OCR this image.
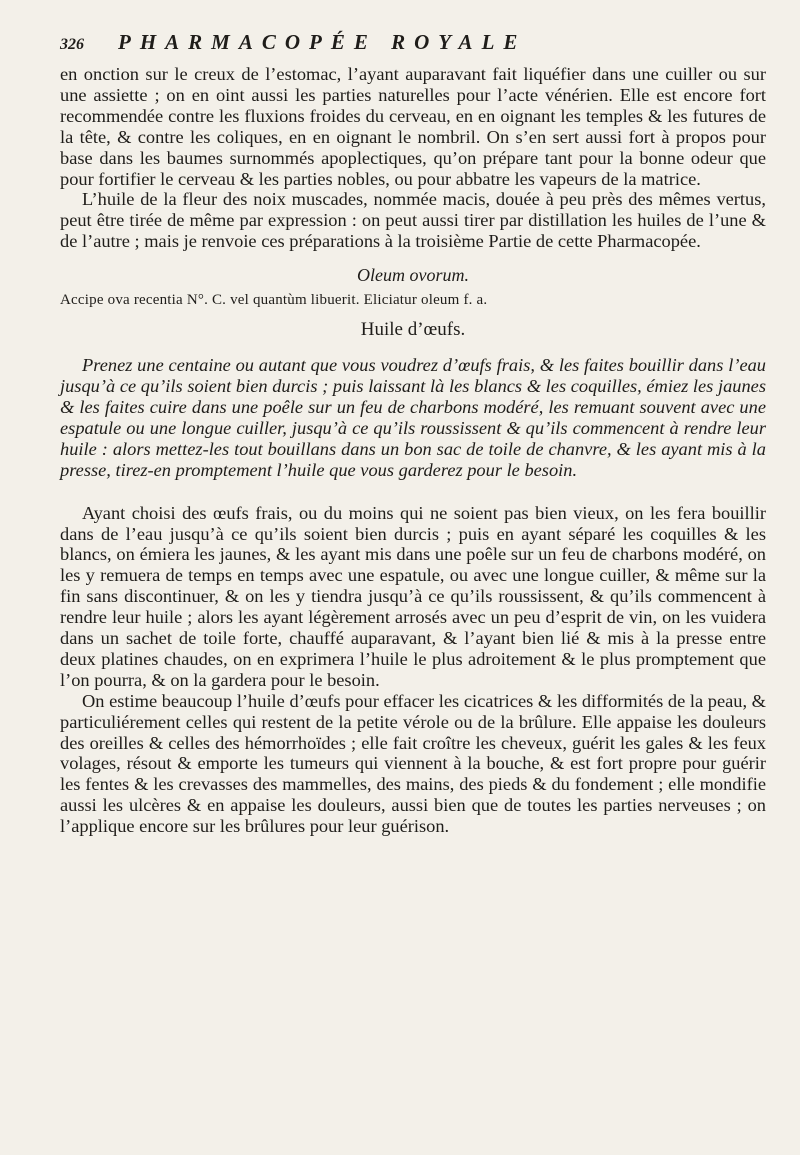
326	PHARMACOPÉE ROYALE

en onction sur le creux de l’estomac, l’ayant auparavant fait liquéfier dans une cuiller ou sur une assiette ; on en oint aussi les parties naturelles pour l’acte vénérien. Elle est encore fort recommendée contre les fluxions froides du cerveau, en en oignant les temples & les futures de la tête, & contre les coliques, en en oignant le nombril. On s’en sert aussi fort à propos pour base dans les baumes surnommés apoplectiques, qu’on prépare tant pour la bonne odeur que pour fortifier le cerveau & les parties nobles, ou pour abbatre les vapeurs de la matrice.

L’huile de la fleur des noix muscades, nommée macis, douée à peu près des mêmes vertus, peut être tirée de même par expression : on peut aussi tirer par distillation les huiles de l’une & de l’autre ; mais je renvoie ces préparations à la troisième Partie de cette Pharmacopée.

Oleum ovorum.
Accipe ova recentia N°. C. vel quantùm libuerit. Eliciatur oleum f. a.
Huile d’œufs.

Prenez une centaine ou autant que vous voudrez d’œufs frais, & les faites bouillir dans l’eau jusqu’à ce qu’ils soient bien durcis ; puis laissant là les blancs & les coquilles, émiez les jaunes & les faites cuire dans une poêle sur un feu de charbons modéré, les remuant souvent avec une espatule ou une longue cuiller, jusqu’à ce qu’ils roussissent & qu’ils commencent à rendre leur huile : alors mettez-les tout bouillans dans un bon sac de toile de chanvre, & les ayant mis à la presse, tirez-en promptement l’huile que vous garderez pour le besoin.

Ayant choisi des œufs frais, ou du moins qui ne soient pas bien vieux, on les fera bouillir dans de l’eau jusqu’à ce qu’ils soient bien durcis ; puis en ayant séparé les coquilles & les blancs, on émiera les jaunes, & les ayant mis dans une poêle sur un feu de charbons modéré, on les y remuera de temps en temps avec une espatule, ou avec une longue cuiller, & même sur la fin sans discontinuer, & on les y tiendra jusqu’à ce qu’ils roussissent, & qu’ils commencent à rendre leur huile ; alors les ayant légèrement arrosés avec un peu d’esprit de vin, on les vuidera dans un sachet de toile forte, chauffé auparavant, & l’ayant bien lié & mis à la presse entre deux platines chaudes, on en exprimera l’huile le plus adroitement & le plus promptement que l’on pourra, & on la gardera pour le besoin.

On estime beaucoup l’huile d’œufs pour effacer les cicatrices & les difformités de la peau, & particuliérement celles qui restent de la petite vérole ou de la brûlure. Elle appaise les douleurs des oreilles & celles des hémorrhoïdes ; elle fait croître les cheveux, guérit les gales & les feux volages, résout & emporte les tumeurs qui viennent à la bouche, & est fort propre pour guérir les fentes & les crevasses des mammelles, des mains, des pieds & du fondement ; elle mondifie aussi les ulcères & en appaise les douleurs, aussi bien que de toutes les parties nerveuses ; on l’applique encore sur les brûlures pour leur guérison.
